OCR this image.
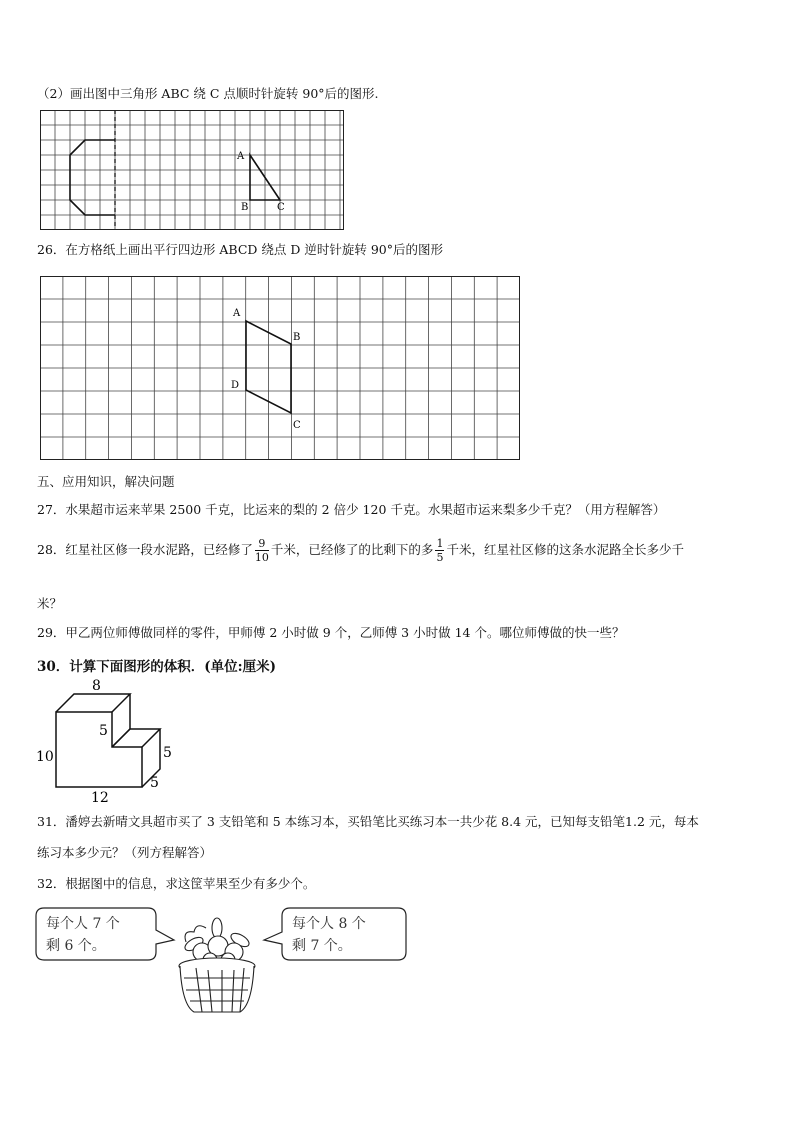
（2）画出图中三角形 ABC 绕 C 点顺时针旋转 90°后的图形.
A
B	C
26．在方格纸上画出平行四边形 ABCD 绕点 D 逆时针旋转 90°后的图形
A
B
C
D
五、应用知识，解决问题
27．水果超市运来苹果 2500 千克，比运来的梨的 2 倍少 120 千克。水果超市运来梨多少千克？（用方程解答）
28．红星社区修一段水泥路，已经修了 $\frac{9}{10}$ 千米，已经修了的比剩下的多 $\frac{1}{5}$ 千米，红星社区修的这条水泥路全长多少千
米？
29．甲乙两位师傅做同样的零件，甲师傅 2 小时做 9 个，乙师傅 3 小时做 14 个。哪位师傅做的快一些？
30．计算下面图形的体积．(单位:厘米)
8
10
12
5
5
5
31．潘婷去新晴文具超市买了 3 支铅笔和 5 本练习本，买铅笔比买练习本一共少花 8.4 元，已知每支铅笔1.2 元，每本
练习本多少元？（列方程解答）
32．根据图中的信息，求这筐苹果至少有多少个。
每个人 7 个
剩 6 个。
每个人 8 个
剩 7 个。
